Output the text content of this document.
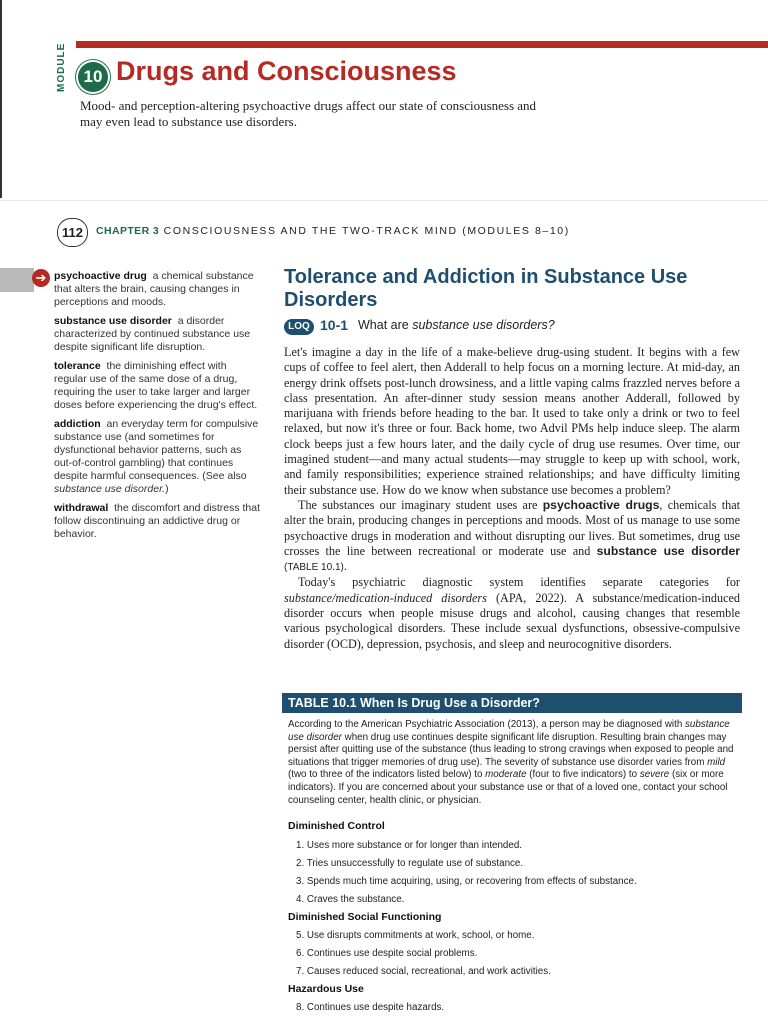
MODULE 10 Drugs and Consciousness
Mood- and perception-altering psychoactive drugs affect our state of consciousness and may even lead to substance use disorders.
112	CHAPTER 3 CONSCIOUSNESS AND THE TWO-TRACK MIND (MODULES 8–10)
➔ psychoactive drug a chemical substance that alters the brain, causing changes in perceptions and moods.
substance use disorder a disorder characterized by continued substance use despite significant life disruption.
tolerance the diminishing effect with regular use of the same dose of a drug, requiring the user to take larger and larger doses before experiencing the drug's effect.
addiction an everyday term for compulsive substance use (and sometimes for dysfunctional behavior patterns, such as out-of-control gambling) that continues despite harmful consequences. (See also substance use disorder.)
withdrawal the discomfort and distress that follow discontinuing an addictive drug or behavior.
Tolerance and Addiction in Substance Use Disorders
LOQ 10-1 What are substance use disorders?

Let's imagine a day in the life of a make-believe drug-using student. It begins with a few cups of coffee to feel alert, then Adderall to help focus on a morning lecture. At mid-day, an energy drink offsets post-lunch drowsiness, and a little vaping calms frazzled nerves before a class presentation. An after-dinner study session means another Adderall, followed by marijuana with friends before heading to the bar. It used to take only a drink or two to feel relaxed, but now it's three or four. Back home, two Advil PMs help induce sleep. The alarm clock beeps just a few hours later, and the daily cycle of drug use resumes. Over time, our imagined student—and many actual students—may struggle to keep up with school, work, and family responsibilities; experience strained relationships; and have difficulty limiting their substance use. How do we know when substance use becomes a problem?

The substances our imaginary student uses are psychoactive drugs, chemicals that alter the brain, producing changes in perceptions and moods. Most of us manage to use some psychoactive drugs in moderation and without disrupting our lives. But sometimes, drug use crosses the line between recreational or moderate use and substance use disorder (TABLE 10.1).

Today's psychiatric diagnostic system identifies separate categories for substance/medication-induced disorders (APA, 2022). A substance/medication-induced disorder occurs when people misuse drugs and alcohol, causing changes that resemble various psychological disorders. These include sexual dysfunctions, obsessive-compulsive disorder (OCD), depression, psychosis, and sleep and neurocognitive disorders.

TABLE 10.1 When Is Drug Use a Disorder?
According to the American Psychiatric Association (2013), a person may be diagnosed with substance use disorder when drug use continues despite significant life disruption. Resulting brain changes may persist after quitting use of the substance (thus leading to strong cravings when exposed to people and situations that trigger memories of drug use). The severity of substance use disorder varies from mild (two to three of the indicators listed below) to moderate (four to five indicators) to severe (six or more indicators). If you are concerned about your substance use or that of a loved one, contact your school counseling center, health clinic, or physician.
Diminished Control
1. Uses more substance or for longer than intended.
2. Tries unsuccessfully to regulate use of substance.
3. Spends much time acquiring, using, or recovering from effects of substance.
4. Craves the substance.
Diminished Social Functioning
5. Use disrupts commitments at work, school, or home.
6. Continues use despite social problems.
7. Causes reduced social, recreational, and work activities.
Hazardous Use
8. Continues use despite hazards.
